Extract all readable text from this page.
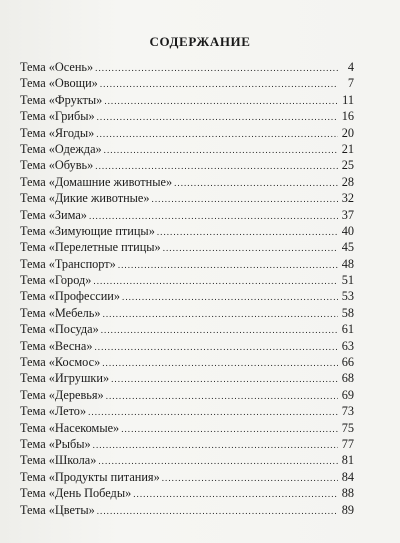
СОДЕРЖАНИЕ
Тема «Осень» . . .	4
Тема «Овощи» . . .	7
Тема «Фрукты» . . .	11
Тема «Грибы» . . .	16
Тема «Ягоды» . . .	20
Тема «Одежда» . . .	21
Тема «Обувь» . . .	25
Тема «Домашние животные» . . .	28
Тема «Дикие животные» . . .	32
Тема «Зима» . . .	37
Тема «Зимующие птицы» . . .	40
Тема «Перелетные птицы» . . .	45
Тема «Транспорт» . . .	48
Тема «Город» . . .	51
Тема «Профессии» . . .	53
Тема «Мебель» . . .	58
Тема «Посуда» . . .	61
Тема «Весна» . . .	63
Тема «Космос» . . .	66
Тема «Игрушки» . . .	68
Тема «Деревья» . . .	69
Тема «Лето» . . .	73
Тема «Насекомые» . . .	75
Тема «Рыбы» . . .	77
Тема «Школа» . . .	81
Тема «Продукты питания» . . .	84
Тема «День Победы» . . .	88
Тема «Цветы» . . .	89
